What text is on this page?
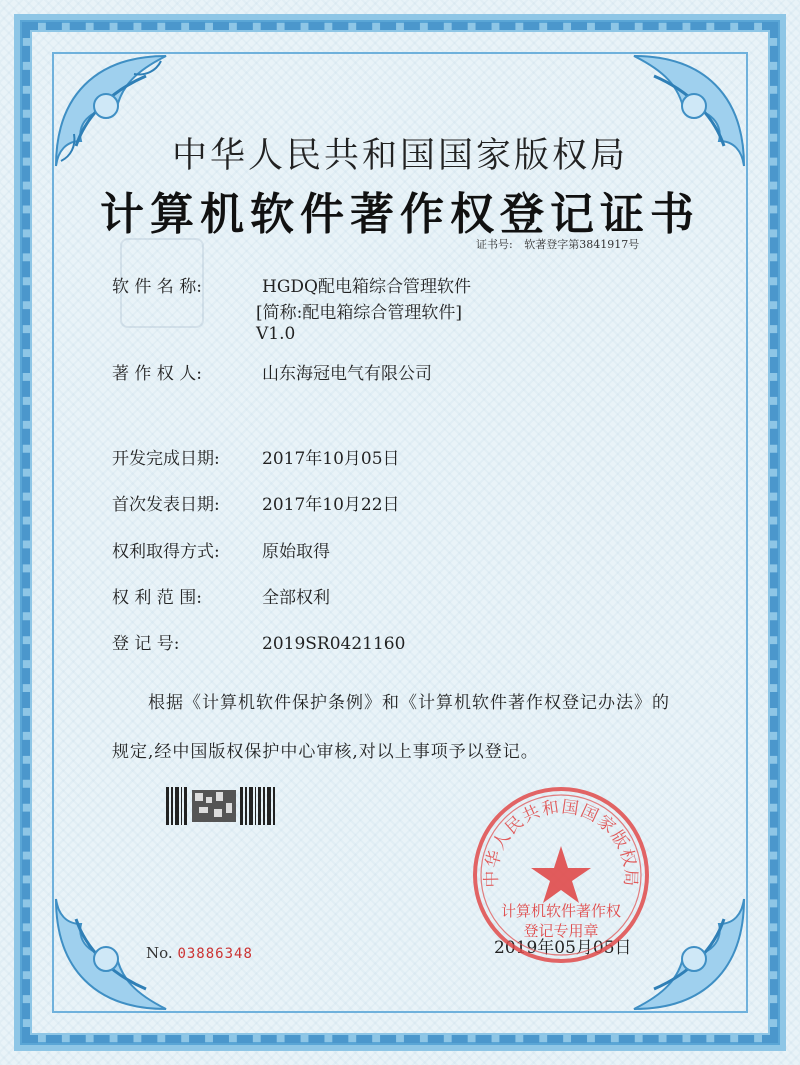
中华人民共和国国家版权局
计算机软件著作权登记证书
证书号: 软著登字第3841917号
软 件 名 称:	HGDQ配电箱综合管理软件
[简称:配电箱综合管理软件]
V1.0
著 作 权 人:	山东海冠电气有限公司
开发完成日期: 2017年10月05日
首次发表日期: 2017年10月22日
权利取得方式: 原始取得
权 利 范 围:	全部权利
登 记 号:	2019SR0421160
根据《计算机软件保护条例》和《计算机软件著作权登记办法》的
规定,经中国版权保护中心审核,对以上事项予以登记。
No. 03886348	2019年05月05日
中华人民共和国国家版权局
计算机软件著作权
登记专用章
